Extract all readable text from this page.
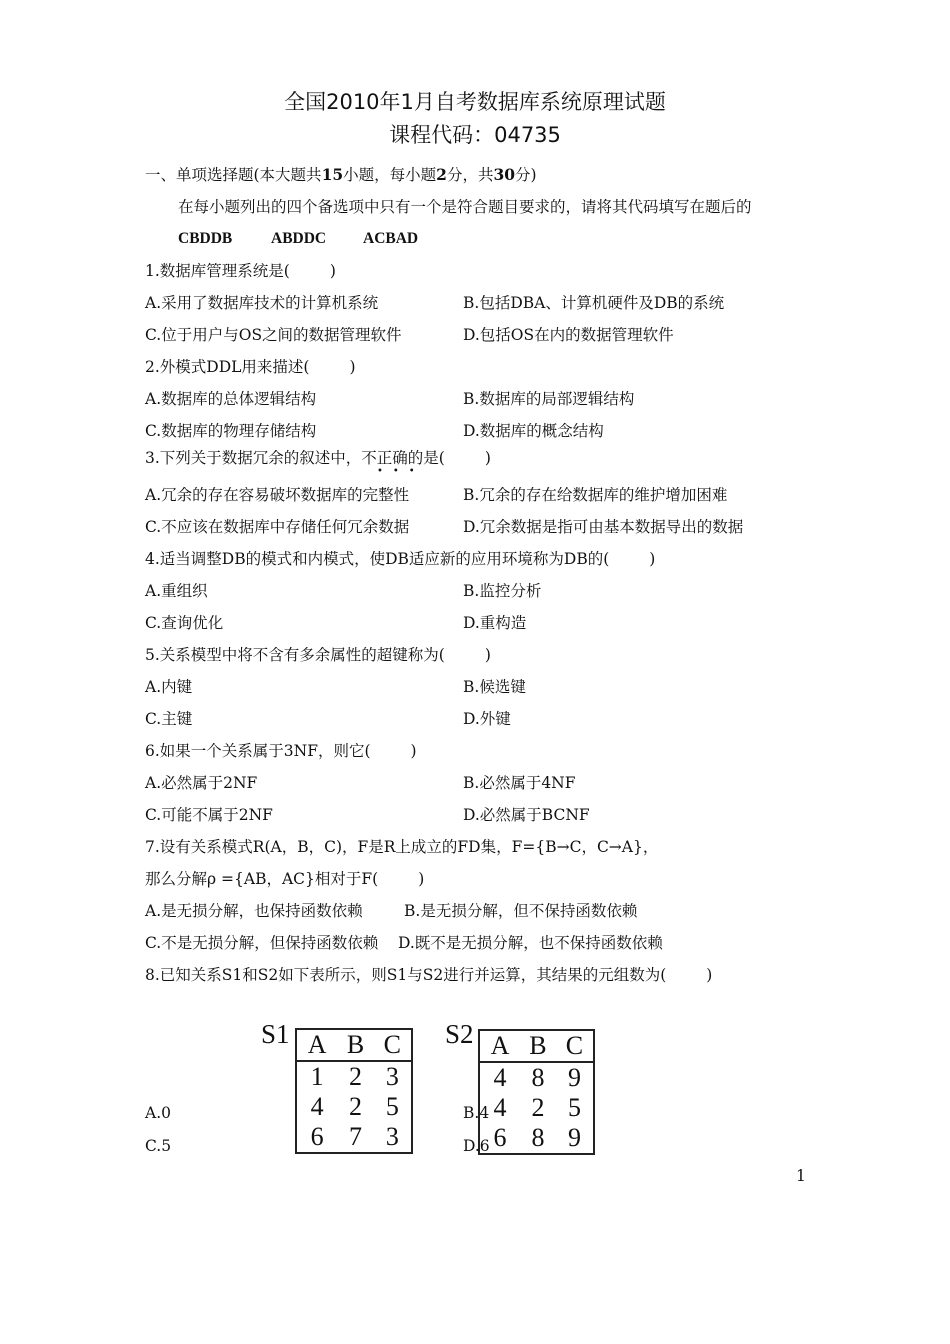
全国2010年1月自考数据库系统原理试题
课程代码：04735
一、单项选择题(本大题共15小题，每小题2分，共30分)
在每小题列出的四个备选项中只有一个是符合题目要求的，请将其代码填写在题后的
CBDDB ABDDC ACBAD
1.数据库管理系统是(	)
A.采用了数据库技术的计算机系统	B.包括DBA、计算机硬件及DB的系统
C.位于用户与OS之间的数据管理软件	D.包括OS在内的数据管理软件
2.外模式DDL用来描述(	)
A.数据库的总体逻辑结构	B.数据库的局部逻辑结构
C.数据库的物理存储结构	D.数据库的概念结构
3.下列关于数据冗余的叙述中，不正确的是(	)
•••
A.冗余的存在容易破坏数据库的完整性	B.冗余的存在给数据库的维护增加困难
C.不应该在数据库中存储任何冗余数据	D.冗余数据是指可由基本数据导出的数据
4.适当调整DB的模式和内模式，使DB适应新的应用环境称为DB的(	)
A.重组织	B.监控分析
C.查询优化	D.重构造
5.关系模型中将不含有多余属性的超键称为(	)
A.内键	B.候选键
C.主键	D.外键
6.如果一个关系属于3NF，则它(	)
A.必然属于2NF	B.必然属于4NF
C.可能不属于2NF	D.必然属于BCNF
7.设有关系模式R(A，B，C)，F是R上成立的FD集，F={B→C，C→A}，
那么分解ρ ={AB，AC}相对于F(	)
A.是无损分解，也保持函数依赖	B.是无损分解，但不保持函数依赖
C.不是无损分解，但保持函数依赖 D.既不是无损分解，也不保持函数依赖
8.已知关系S1和S2如下表所示，则S1与S2进行并运算，其结果的元组数为(	)
S1 A	B	C
1	2	3
4	2	5
6	7	3
S2 A	B	C
4	8	9
4	2	5
6	8	9
A.0	B.4
C.5	D.6
1
